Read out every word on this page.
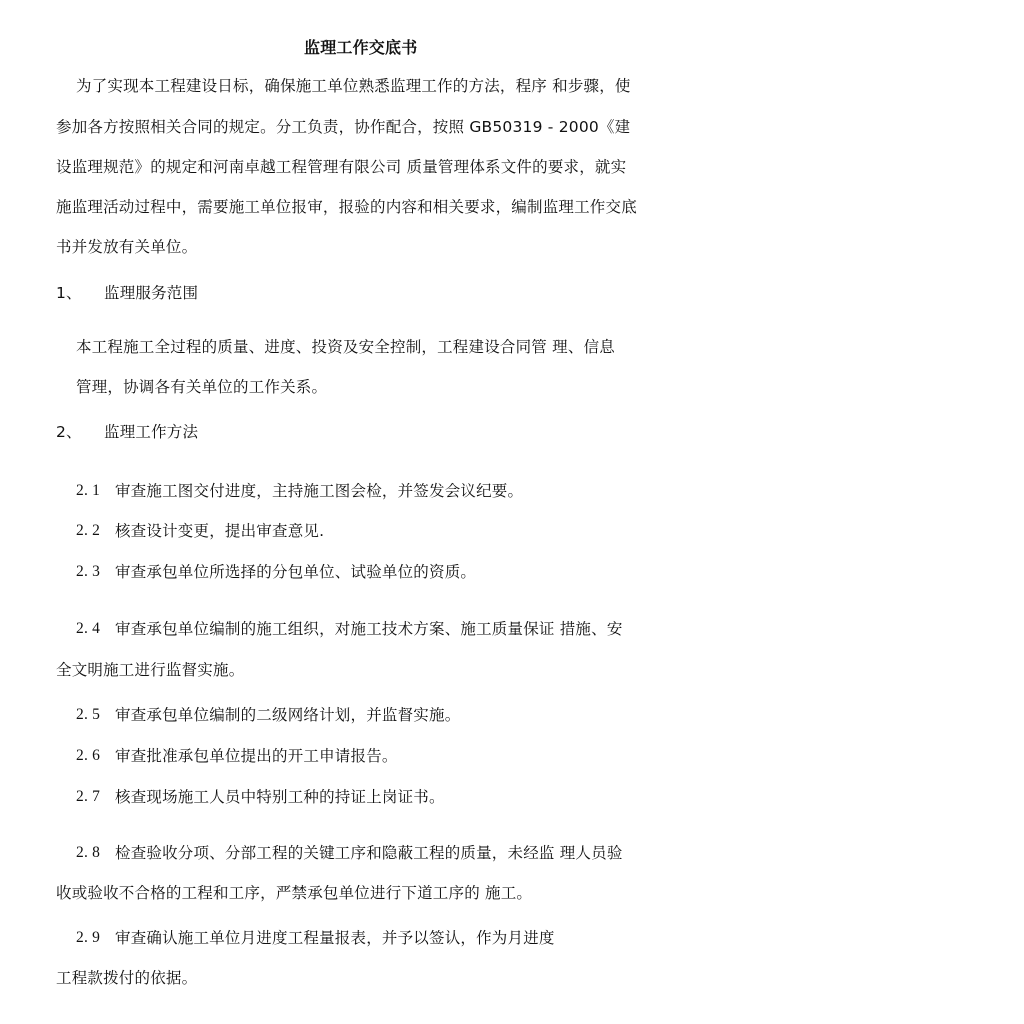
监理工作交底书
为了实现本工程建设日标，确保施工单位熟悉监理工作的方法，程序 和步骤，使
参加各方按照相关合同的规定。分工负责，协作配合，按照 GB50319 - 2000《建
设监理规范》的规定和河南卓越工程管理有限公司 质量管理体系文件的要求，就实
施监理活动过程中，需要施工单位报审，报验的内容和相关要求，编制监理工作交底
书并发放有关单位。
1、 监理服务范围
本工程施工全过程的质量、进度、投资及安全控制，工程建设合同管 理、信息
管理，协调各有关单位的工作关系。
2、 监理工作方法
2. 1 审查施工图交付进度，主持施工图会检，并签发会议纪要。
2. 2 核查设计变更，提出审查意见.
2. 3 审查承包单位所选择的分包单位、试验单位的资质。
2. 4 审查承包单位编制的施工组织，对施工技术方案、施工质量保证 措施、安
全文明施工进行监督实施。
2. 5 审查承包单位编制的二级网络计划，并监督实施。
2. 6 审查批准承包单位提出的开工申请报告。
2. 7 核查现场施工人员中特别工种的持证上岗证书。
2. 8 检查验收分项、分部工程的关键工序和隐蔽工程的质量，未经监 理人员验
收或验收不合格的工程和工序，严禁承包单位进行下道工序的 施工。
2. 9 审查确认施工单位月进度工程量报表，并予以签认，作为月进度
工程款拨付的依据。
